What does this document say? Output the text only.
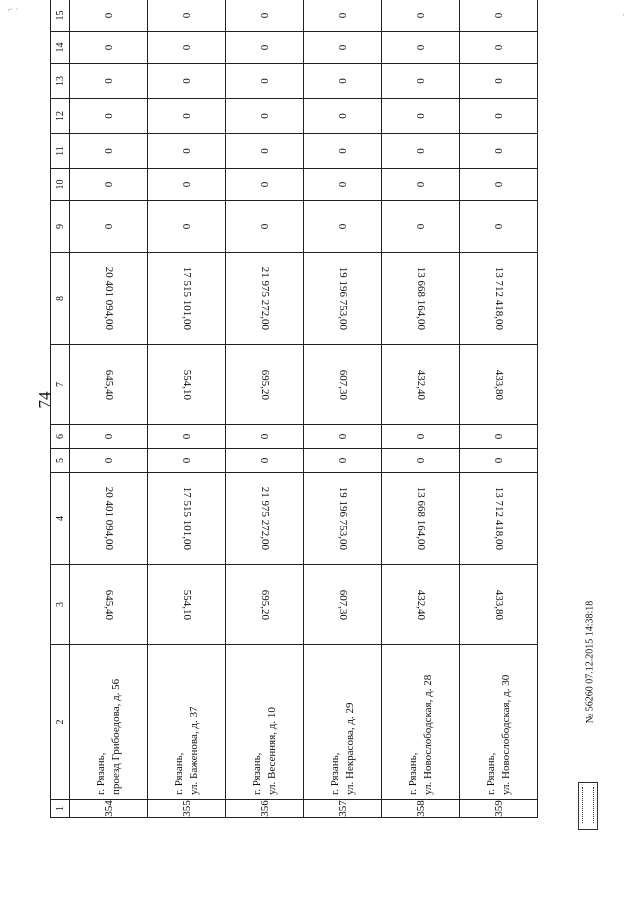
74
1	2	3	4	5	6	7	8	9	10	11	12	13	14	15	
354	г. Рязань, проезд Грибоедова, д. 56	645,40	20 401 094,00	0	0	645,40	20 401 094,00	0	0	0	0	0	0	0	
355	г. Рязань, ул. Баженова, д. 37	554,10	17 515 101,00	0	0	554,10	17 515 101,00	0	0	0	0	0	0	0	
356	г. Рязань, ул. Весенняя, д. 10	695,20	21 975 272,00	0	0	695,20	21 975 272,00	0	0	0	0	0	0	0	
357	г. Рязань, ул. Некрасова, д. 29	607,30	19 196 753,00	0	0	607,30	19 196 753,00	0	0	0	0	0	0	0	
358	г. Рязань, ул. Новослободская, д. 28	432,40	13 668 164,00	0	0	432,40	13 668 164,00	0	0	0	0	0	0	0	
359	г. Рязань, ул. Новослободская, д. 30	433,80	13 712 418,00	0	0	433,80	13 712 418,00	0	0	0	0	0	0	0	
№ 56260 07.12.2015 14:38:18
⌐ ·
·
